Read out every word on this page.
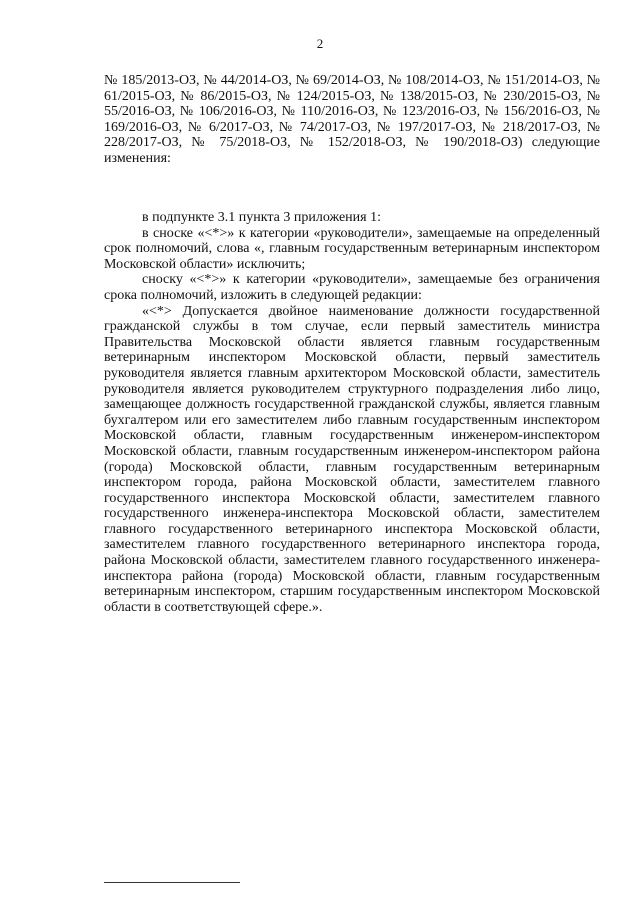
2

№ 185/2013-ОЗ, № 44/2014-ОЗ, № 69/2014-ОЗ, № 108/2014-ОЗ, № 151/2014-ОЗ, № 61/2015-ОЗ, № 86/2015-ОЗ, № 124/2015-ОЗ, № 138/2015-ОЗ, № 230/2015-ОЗ, № 55/2016-ОЗ, № 106/2016-ОЗ, № 110/2016-ОЗ, № 123/2016-ОЗ, № 156/2016-ОЗ, № 169/2016-ОЗ, № 6/2017-ОЗ, № 74/2017-ОЗ, № 197/2017-ОЗ, № 218/2017-ОЗ, № 228/2017-ОЗ, № 75/2018-ОЗ, № 152/2018-ОЗ, № 190/2018-ОЗ) следующие изменения:

в подпункте 3.1 пункта 3 приложения 1:

в сноске «<*>» к категории «руководители», замещаемые на определенный срок полномочий, слова «, главным государственным ветеринарным инспектором Московской области» исключить;

сноску «<*>» к категории «руководители», замещаемые без ограничения срока полномочий, изложить в следующей редакции:

«<*> Допускается двойное наименование должности государственной гражданской службы в том случае, если первый заместитель министра Правительства Московской области является главным государственным ветеринарным инспектором Московской области, первый заместитель руководителя является главным архитектором Московской области, заместитель руководителя является руководителем структурного подразделения либо лицо, замещающее должность государственной гражданской службы, является главным бухгалтером или его заместителем либо главным государственным инспектором Московской области, главным государственным инженером-инспектором Московской области, главным государственным инженером-инспектором района (города) Московской области, главным государственным ветеринарным инспектором города, района Московской области, заместителем главного государственного инспектора Московской области, заместителем главного государственного инженера-инспектора Московской области, заместителем главного государственного ветеринарного инспектора Московской области, заместителем главного государственного ветеринарного инспектора города, района Московской области, заместителем главного государственного инженера-инспектора района (города) Московской области, главным государственным ветеринарным инспектором, старшим государственным инспектором Московской области в соответствующей сфере.».
